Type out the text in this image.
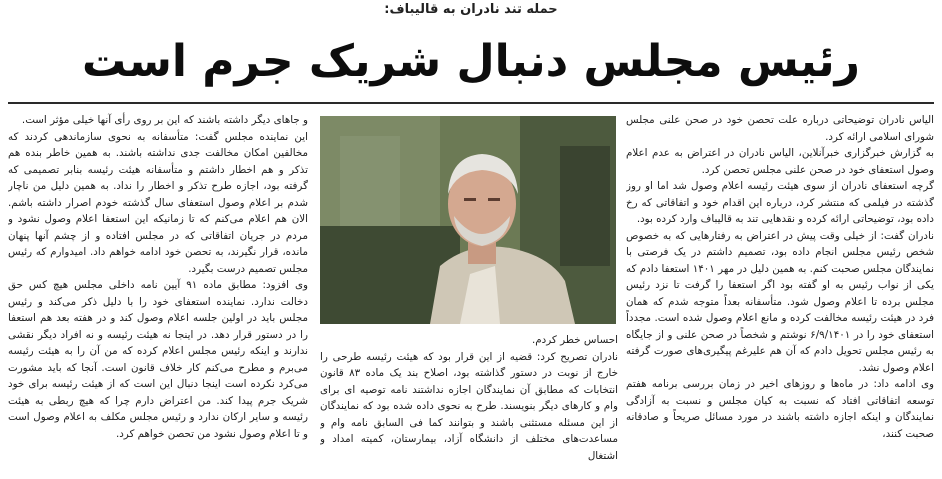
حمله تند نادران به قالیباف:
رئیس مجلس دنبال شریک جرم است

الیاس نادران توضیحاتی درباره علت تحصن خود در صحن علنی مجلس شورای اسلامی ارائه کرد.

به گزارش خبرگزاری خبرآنلاین، الیاس نادران در اعتراض به عدم اعلام وصول استعفای خود در صحن علنی مجلس تحصن کرد.

گرچه استعفای نادران از سوی هیئت رئیسه اعلام وصول شد اما او روز گذشته در فیلمی که منتشر کرد، درباره این اقدام خود و اتفاقاتی که رخ داده بود، توضیحاتی ارائه کرده و نقدهایی تند به قالیباف وارد کرده بود.

نادران گفت: از خیلی وقت پیش در اعتراض به رفتارهایی که به خصوص شخص رئیس مجلس انجام داده بود، تصمیم داشتم در یک فرصتی با نمایندگان مجلس صحبت کنم. به همین دلیل در مهر ۱۴۰۱ استعفا دادم که یکی از نواب رئیس به او گفته بود اگر استعفا را گرفت تا نزد رئیس مجلس برده تا اعلام وصول شود. متأسفانه بعداً متوجه شدم که همان فرد در هیئت رئیسه مخالفت کرده و مانع اعلام وصول شده است. مجدداً استعفای خود را در ۶/۹/۱۴۰۱ نوشتم و شخصاً در صحن علنی و از جایگاه به رئیس مجلس تحویل دادم که آن هم علیرغم پیگیری‌های صورت گرفته اعلام وصول نشد.

وی ادامه داد: در ماه‌ها و روزهای اخیر در زمان بررسی برنامه هفتم توسعه اتفاقاتی افتاد که نسبت به کیان مجلس و نسبت به آزادگی نمایندگان و اینکه اجازه داشته باشند در مورد مسائل صریحاً و صادقانه صحبت کنند،

احساس خطر کردم.

نادران تصریح کرد: قضیه از این قرار بود که هیئت رئیسه طرحی را خارج از نوبت در دستور گذاشته بود، اصلاح بند یک ماده ۸۳ قانون انتخابات که مطابق آن نمایندگان اجازه نداشتند نامه توصیه ای برای وام و کارهای دیگر بنویسند. طرح به نحوی داده شده بود که نمایندگان از این مسئله مستثنی باشند و بتوانند کما فی السابق نامه وام و مساعدت‌های مختلف از دانشگاه آزاد، بیمارستان، کمیته امداد و اشتغال

و جاهای دیگر داشته باشند که این بر روی رأی آنها خیلی مؤثر است.

این نماینده مجلس گفت: متأسفانه به نحوی سازماندهی کردند که مخالفین امکان مخالفت جدی نداشته باشند. به همین خاطر بنده هم تذکر و هم اخطار داشتم و متأسفانه هیئت رئیسه بنابر تصمیمی که گرفته بود، اجازه طرح تذکر و اخطار را نداد. به همین دلیل من ناچار شدم بر اعلام وصول استعفای سال گذشته خودم اصرار داشته باشم. الان هم اعلام می‌کنم که تا زمانیکه این استعفا اعلام وصول نشود و مردم در جریان اتفاقاتی که در مجلس افتاده و از چشم آنها پنهان مانده، قرار نگیرند، به تحصن خود ادامه خواهم داد. امیدوارم که رئیس مجلس تصمیم درست بگیرد.

وی افزود: مطابق ماده ۹۱ آیین نامه داخلی مجلس هیچ کس حق دخالت ندارد. نماینده استعفای خود را با دلیل ذکر می‌کند و رئیس مجلس باید در اولین جلسه اعلام وصول کند و در هفته بعد هم استعفا را در دستور قرار دهد. در اینجا نه هیئت رئیسه و نه افراد دیگر نقشی ندارند و اینکه رئیس مجلس اعلام کرده که من آن را به هیئت رئیسه می‌برم و مطرح می‌کنم کار خلاف قانون است. آنجا که باید مشورت می‌کرد نکرده است اینجا دنبال این است که از هیئت رئیسه برای خود شریک جرم پیدا کند. من اعتراض دارم چرا که هیچ ربطی به هیئت رئیسه و سایر ارکان ندارد و رئیس مجلس مکلف به اعلام وصول است و تا اعلام وصول نشود من تحصن خواهم کرد.
